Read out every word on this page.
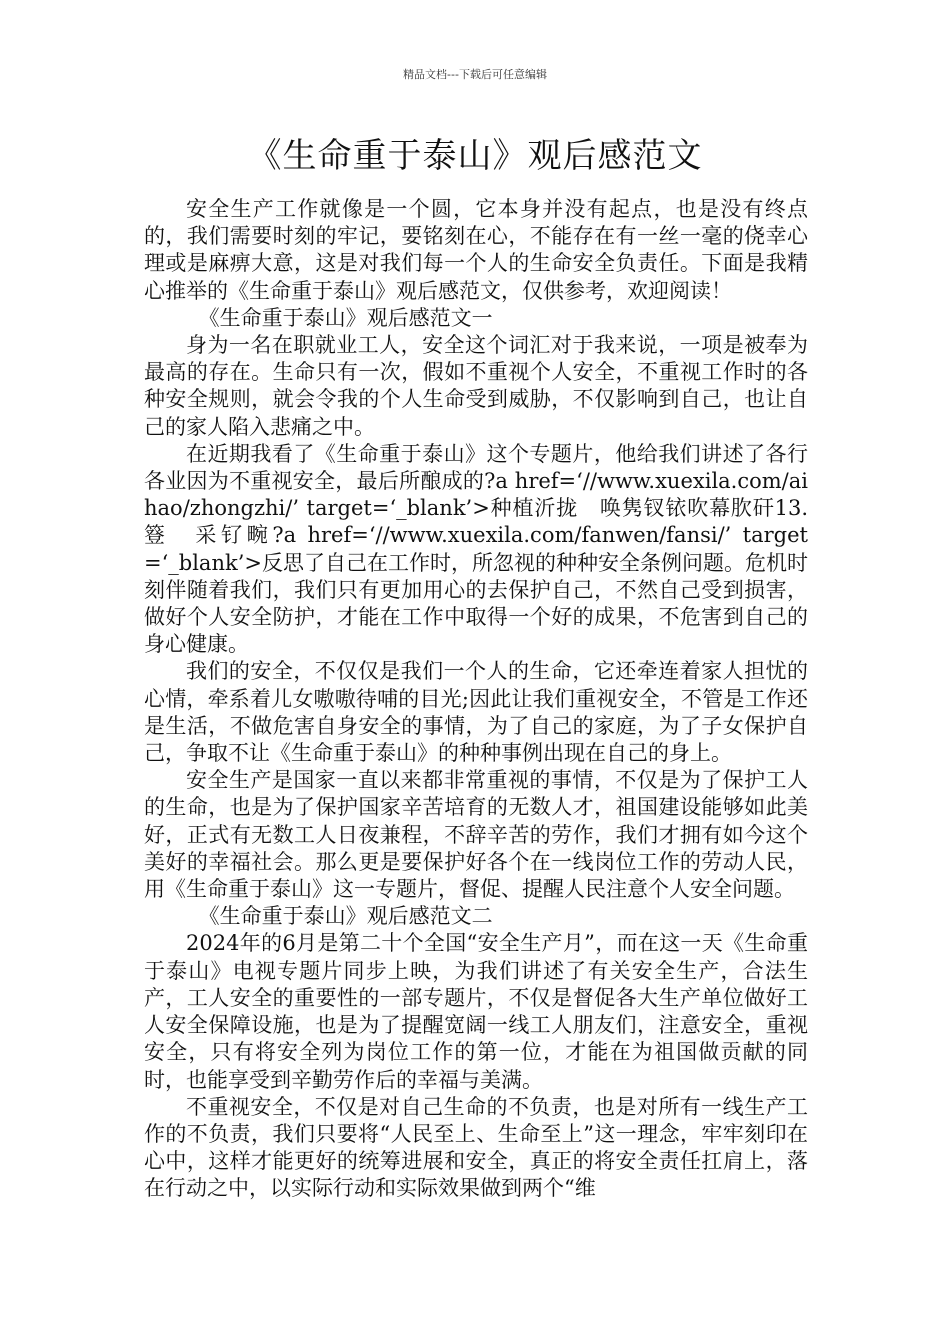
精品文档---下载后可任意编辑
《生命重于泰山》观后感范文

安全生产工作就像是一个圆，它本身并没有起点，也是没有终点的，我们需要时刻的牢记，要铭刻在心，不能存在有一丝一毫的侥幸心理或是麻痹大意，这是对我们每一个人的生命安全负责任。下面是我精心推举的《生命重于泰山》观后感范文，仅供参考，欢迎阅读！

《生命重于泰山》观后感范文一

身为一名在职就业工人，安全这个词汇对于我来说，一项是被奉为最高的存在。生命只有一次，假如不重视个人安全，不重视工作时的各种安全规则，就会令我的个人生命受到威胁，不仅影响到自己，也让自己的家人陷入悲痛之中。

在近期我看了《生命重于泰山》这个专题片，他给我们讲述了各行各业因为不重视安全，最后所酿成的?a href=‘//www.xuexila.com/aihao/zhongzhi/’ target=‘_blank’>种植沂拢　唤隽钗铱吹幕肷矸13.簦　采钌畹?a href=‘//www.xuexila.com/fanwen/fansi/’ target=‘_blank’>反思了自己在工作时，所忽视的种种安全条例问题。危机时刻伴随着我们，我们只有更加用心的去保护自己，不然自己受到损害，做好个人安全防护，才能在工作中取得一个好的成果，不危害到自己的身心健康。

我们的安全，不仅仅是我们一个人的生命，它还牵连着家人担忧的心情，牵系着儿女嗷嗷待哺的目光;因此让我们重视安全，不管是工作还是生活，不做危害自身安全的事情，为了自己的家庭，为了子女保护自己，争取不让《生命重于泰山》的种种事例出现在自己的身上。

安全生产是国家一直以来都非常重视的事情，不仅是为了保护工人的生命，也是为了保护国家辛苦培育的无数人才，祖国建设能够如此美好，正式有无数工人日夜兼程，不辞辛苦的劳作，我们才拥有如今这个美好的幸福社会。那么更是要保护好各个在一线岗位工作的劳动人民，用《生命重于泰山》这一专题片，督促、提醒人民注意个人安全问题。

《生命重于泰山》观后感范文二

2024年的6月是第二十个全国“安全生产月”，而在这一天《生命重于泰山》电视专题片同步上映，为我们讲述了有关安全生产，合法生产，工人安全的重要性的一部专题片，不仅是督促各大生产单位做好工人安全保障设施，也是为了提醒宽阔一线工人朋友们，注意安全，重视安全，只有将安全列为岗位工作的第一位，才能在为祖国做贡献的同时，也能享受到辛勤劳作后的幸福与美满。

不重视安全，不仅是对自己生命的不负责，也是对所有一线生产工作的不负责，我们只要将“人民至上、生命至上”这一理念，牢牢刻印在心中，这样才能更好的统筹进展和安全，真正的将安全责任扛肩上，落在行动之中，以实际行动和实际效果做到两个“维
